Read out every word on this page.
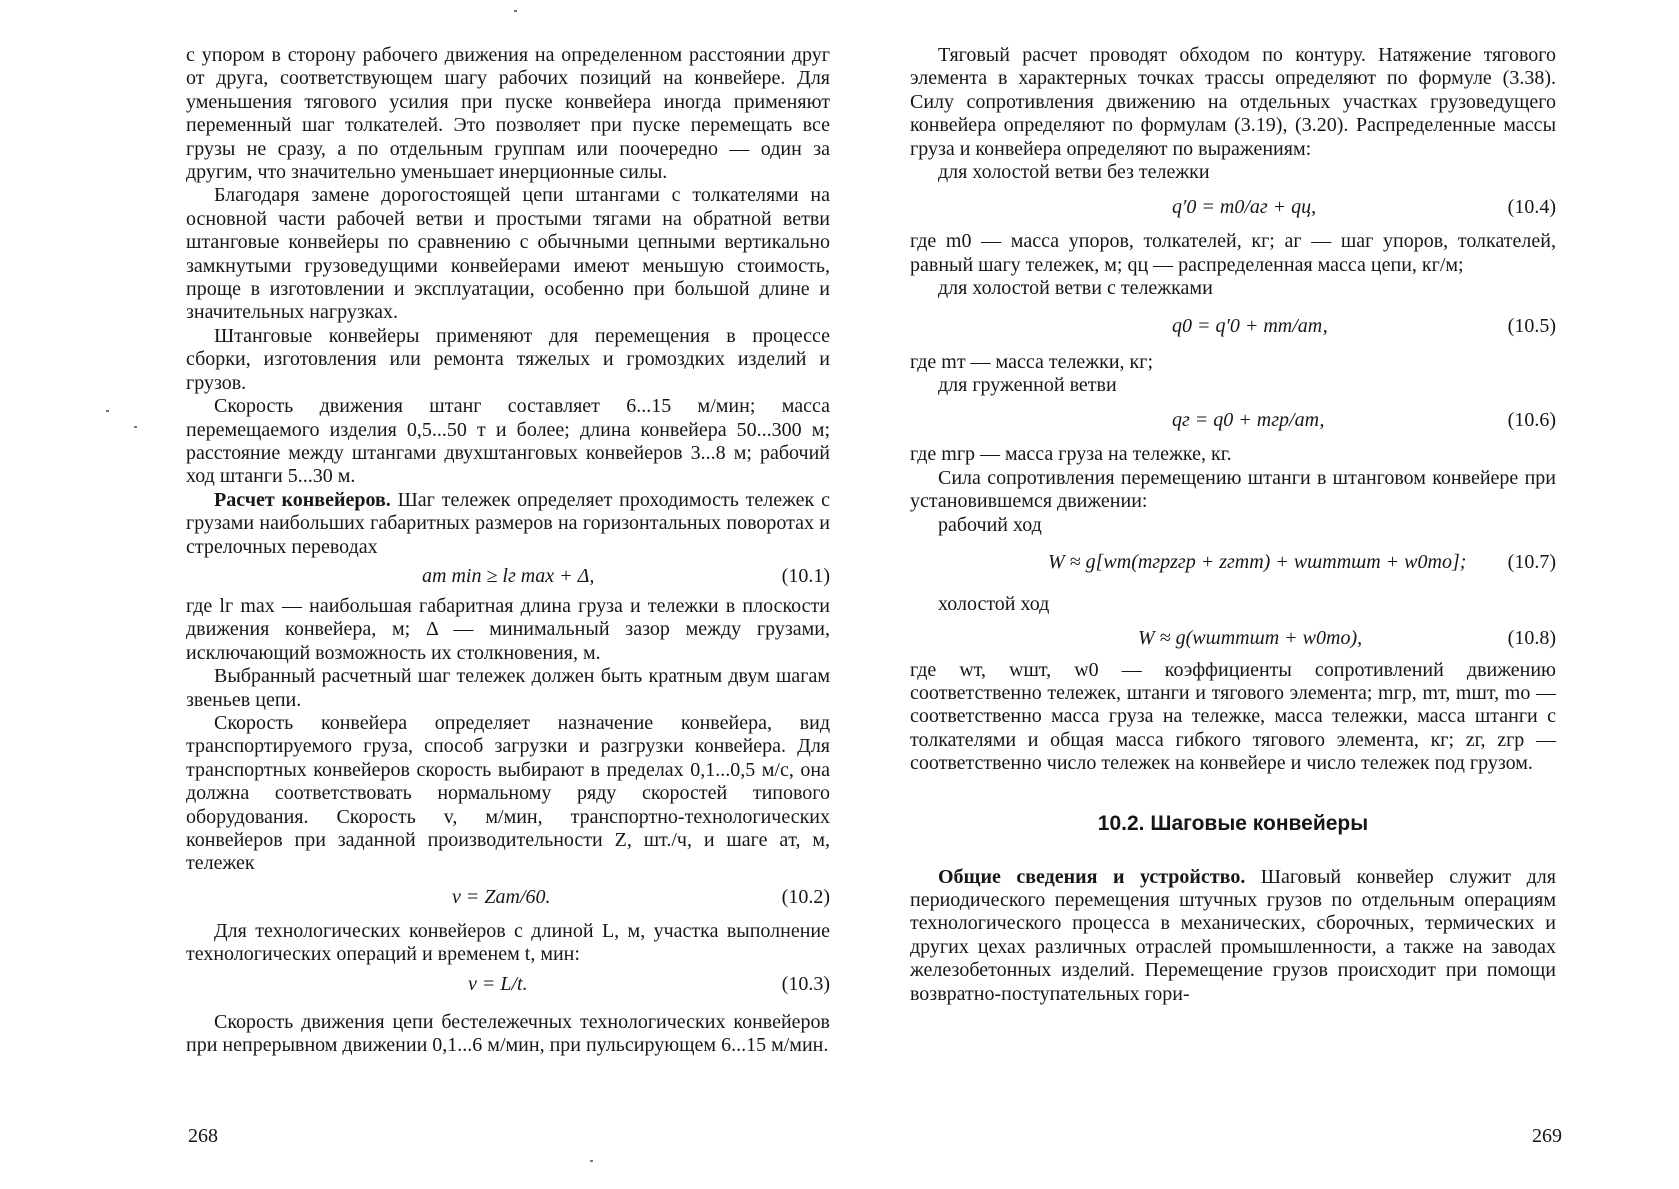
с упором в сторону рабочего движения на определенном расстоянии друг от друга, соответствующем шагу рабочих позиций на конвейере. Для уменьшения тягового усилия при пуске конвейера иногда применяют переменный шаг толкателей. Это позволяет при пуске перемещать все грузы не сразу, а по отдельным группам или поочередно — один за другим, что значительно уменьшает инерционные силы.

Благодаря замене дорогостоящей цепи штангами с толкателями на основной части рабочей ветви и простыми тягами на обратной ветви штанговые конвейеры по сравнению с обычными цепными вертикально замкнутыми грузоведущими конвейерами имеют меньшую стоимость, проще в изготовлении и эксплуатации, особенно при большой длине и значительных нагрузках.

Штанговые конвейеры применяют для перемещения в процессе сборки, изготовления или ремонта тяжелых и громоздких изделий и грузов.

Скорость движения штанг составляет 6...15 м/мин; масса перемещаемого изделия 0,5...50 т и более; длина конвейера 50...300 м; расстояние между штангами двухштанговых конвейеров 3...8 м; рабочий ход штанги 5...30 м.

Расчет конвейеров. Шаг тележек определяет проходимость тележек с грузами наибольших габаритных размеров на горизонтальных поворотах и стрелочных переводах

aт min ≥ lг max + Δ,	(10.1)

где lг max — наибольшая габаритная длина груза и тележки в плоскости движения конвейера, м; Δ — минимальный зазор между грузами, исключающий возможность их столкновения, м.

Выбранный расчетный шаг тележек должен быть кратным двум шагам звеньев цепи.

Скорость конвейера определяет назначение конвейера, вид транспортируемого груза, способ загрузки и разгрузки конвейера. Для транспортных конвейеров скорость выбирают в пределах 0,1...0,5 м/с, она должна соответствовать нормальному ряду скоростей типового оборудования. Скорость v, м/мин, транспортно-технологических конвейеров при заданной производительности Z, шт./ч, и шаге aт, м, тележек

v = Zaт/60.	(10.2)

Для технологических конвейеров с длиной L, м, участка выполнение технологических операций и временем t, мин:

v = L/t.	(10.3)

Скорость движения цепи бестележечных технологических конвейеров при непрерывном движении 0,1...6 м/мин, при пульсирующем 6...15 м/мин.

268

Тяговый расчет проводят обходом по контуру. Натяжение тягового элемента в характерных точках трассы определяют по формуле (3.38). Силу сопротивления движению на отдельных участках грузоведущего конвейера определяют по формулам (3.19), (3.20). Распределенные массы груза и конвейера определяют по выражениям:

для холостой ветви без тележки

q′0 = m0/aг + qц,	(10.4)

где m0 — масса упоров, толкателей, кг; aг — шаг упоров, толкателей, равный шагу тележек, м; qц — распределенная масса цепи, кг/м;

для холостой ветви с тележками

q0 = q′0 + mт/aт,	(10.5)

где mт — масса тележки, кг;

для груженной ветви

qг = q0 + mгр/aт,	(10.6)

где mгр — масса груза на тележке, кг.

Сила сопротивления перемещению штанги в штанговом конвейере при установившемся движении:

рабочий ход

W ≈ g[wт(mгрzгр + zгmт) + wштmшт + w0mо]; (10.7)

холостой ход

W ≈ g(wштmшт + w0mо),	(10.8)

где wт, wшт, w0 — коэффициенты сопротивлений движению соответственно тележек, штанги и тягового элемента; mгр, mт, mшт, mо — соответственно масса груза на тележке, масса тележки, масса штанги с толкателями и общая масса гибкого тягового элемента, кг; zг, zгр — соответственно число тележек на конвейере и число тележек под грузом.

10.2. Шаговые конвейеры

Общие сведения и устройство. Шаговый конвейер служит для периодического перемещения штучных грузов по отдельным операциям технологического процесса в механических, сборочных, термических и других цехах различных отраслей промышленности, а также на заводах железобетонных изделий. Перемещение грузов происходит при помощи возвратно-поступательных гори-

269
